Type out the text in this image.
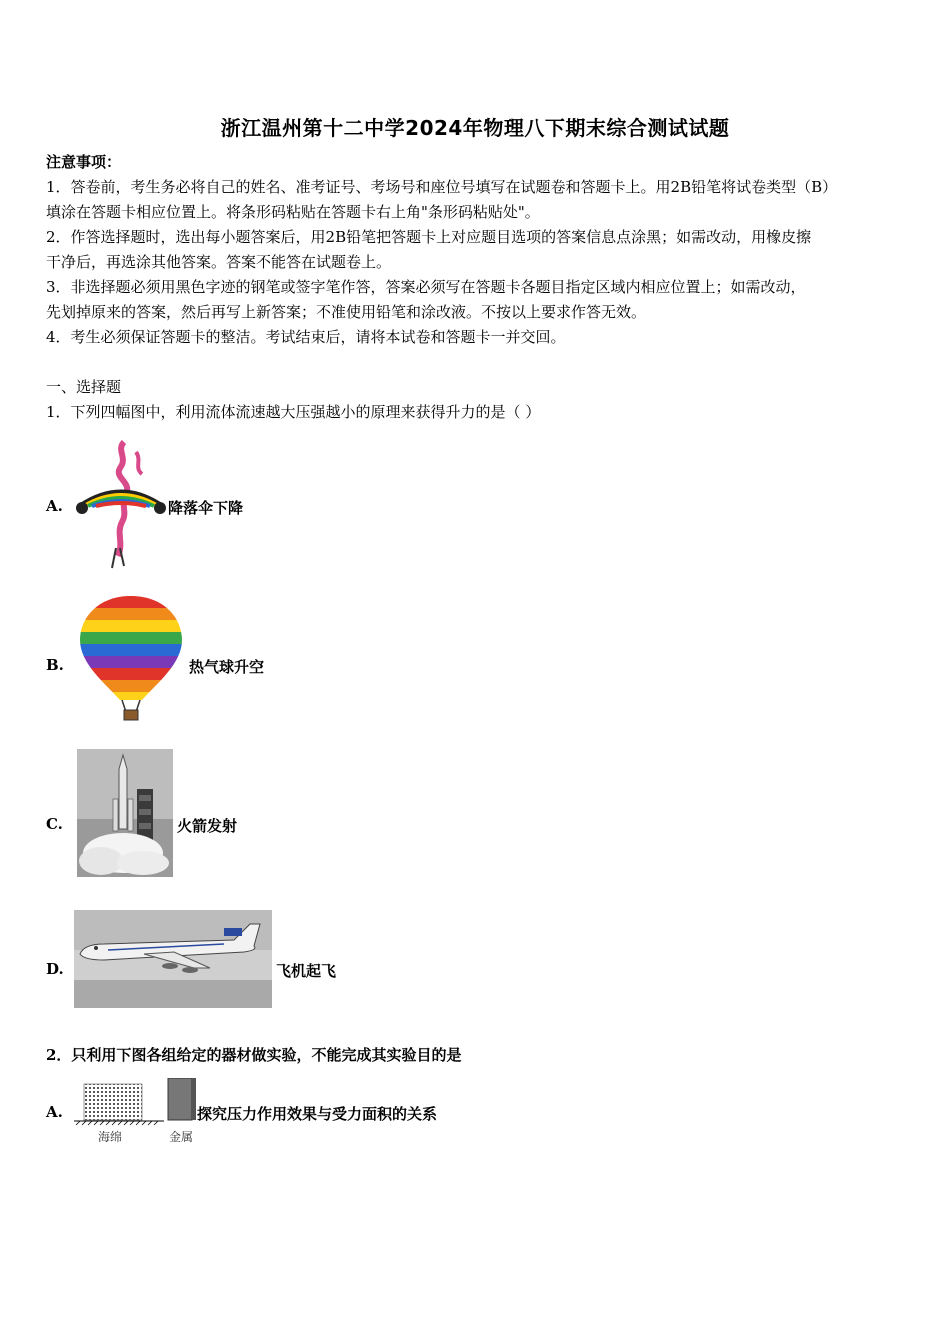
浙江温州第十二中学2024年物理八下期末综合测试试题
注意事项：
1．答卷前，考生务必将自己的姓名、准考证号、考场号和座位号填写在试题卷和答题卡上。用2B铅笔将试卷类型（B）
填涂在答题卡相应位置上。将条形码粘贴在答题卡右上角"条形码粘贴处"。
2．作答选择题时，选出每小题答案后，用2B铅笔把答题卡上对应题目选项的答案信息点涂黑；如需改动，用橡皮擦
干净后，再选涂其他答案。答案不能答在试题卷上。
3．非选择题必须用黑色字迹的钢笔或签字笔作答，答案必须写在答题卡各题目指定区域内相应位置上；如需改动，
先划掉原来的答案，然后再写上新答案；不准使用铅笔和涂改液。不按以上要求作答无效。
4．考生必须保证答题卡的整洁。考试结束后，请将本试卷和答题卡一并交回。
一、选择题
1．下列四幅图中，利用流体流速越大压强越小的原理来获得升力的是（ ）
A.	降落伞下降
B.	热气球升空
C.	火箭发射
D.	飞机起飞
2．只利用下图各组给定的器材做实验，不能完成其实验目的是
A.
海绵	金属
探究压力作用效果与受力面积的关系
